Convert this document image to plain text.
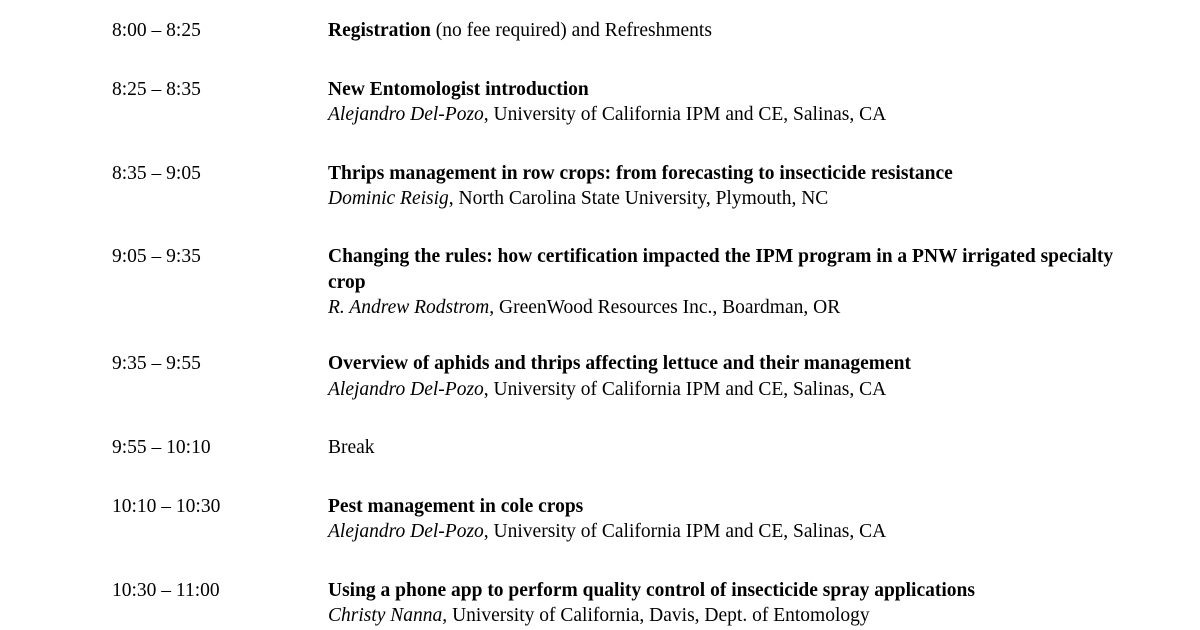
8:00 – 8:25	Registration (no fee required) and Refreshments

8:25 – 8:35	New Entomologist introduction
Alejandro Del-Pozo, University of California IPM and CE, Salinas, CA

8:35 – 9:05	Thrips management in row crops: from forecasting to insecticide resistance
Dominic Reisig, North Carolina State University, Plymouth, NC

9:05 – 9:35	Changing the rules: how certification impacted the IPM program in a PNW irrigated specialty crop
R. Andrew Rodstrom, GreenWood Resources Inc., Boardman, OR

9:35 – 9:55	Overview of aphids and thrips affecting lettuce and their management
Alejandro Del-Pozo, University of California IPM and CE, Salinas, CA

9:55 – 10:10	Break

10:10 – 10:30	Pest management in cole crops
Alejandro Del-Pozo, University of California IPM and CE, Salinas, CA

10:30 – 11:00	Using a phone app to perform quality control of insecticide spray applications
Christy Nanna, University of California, Davis, Dept. of Entomology
